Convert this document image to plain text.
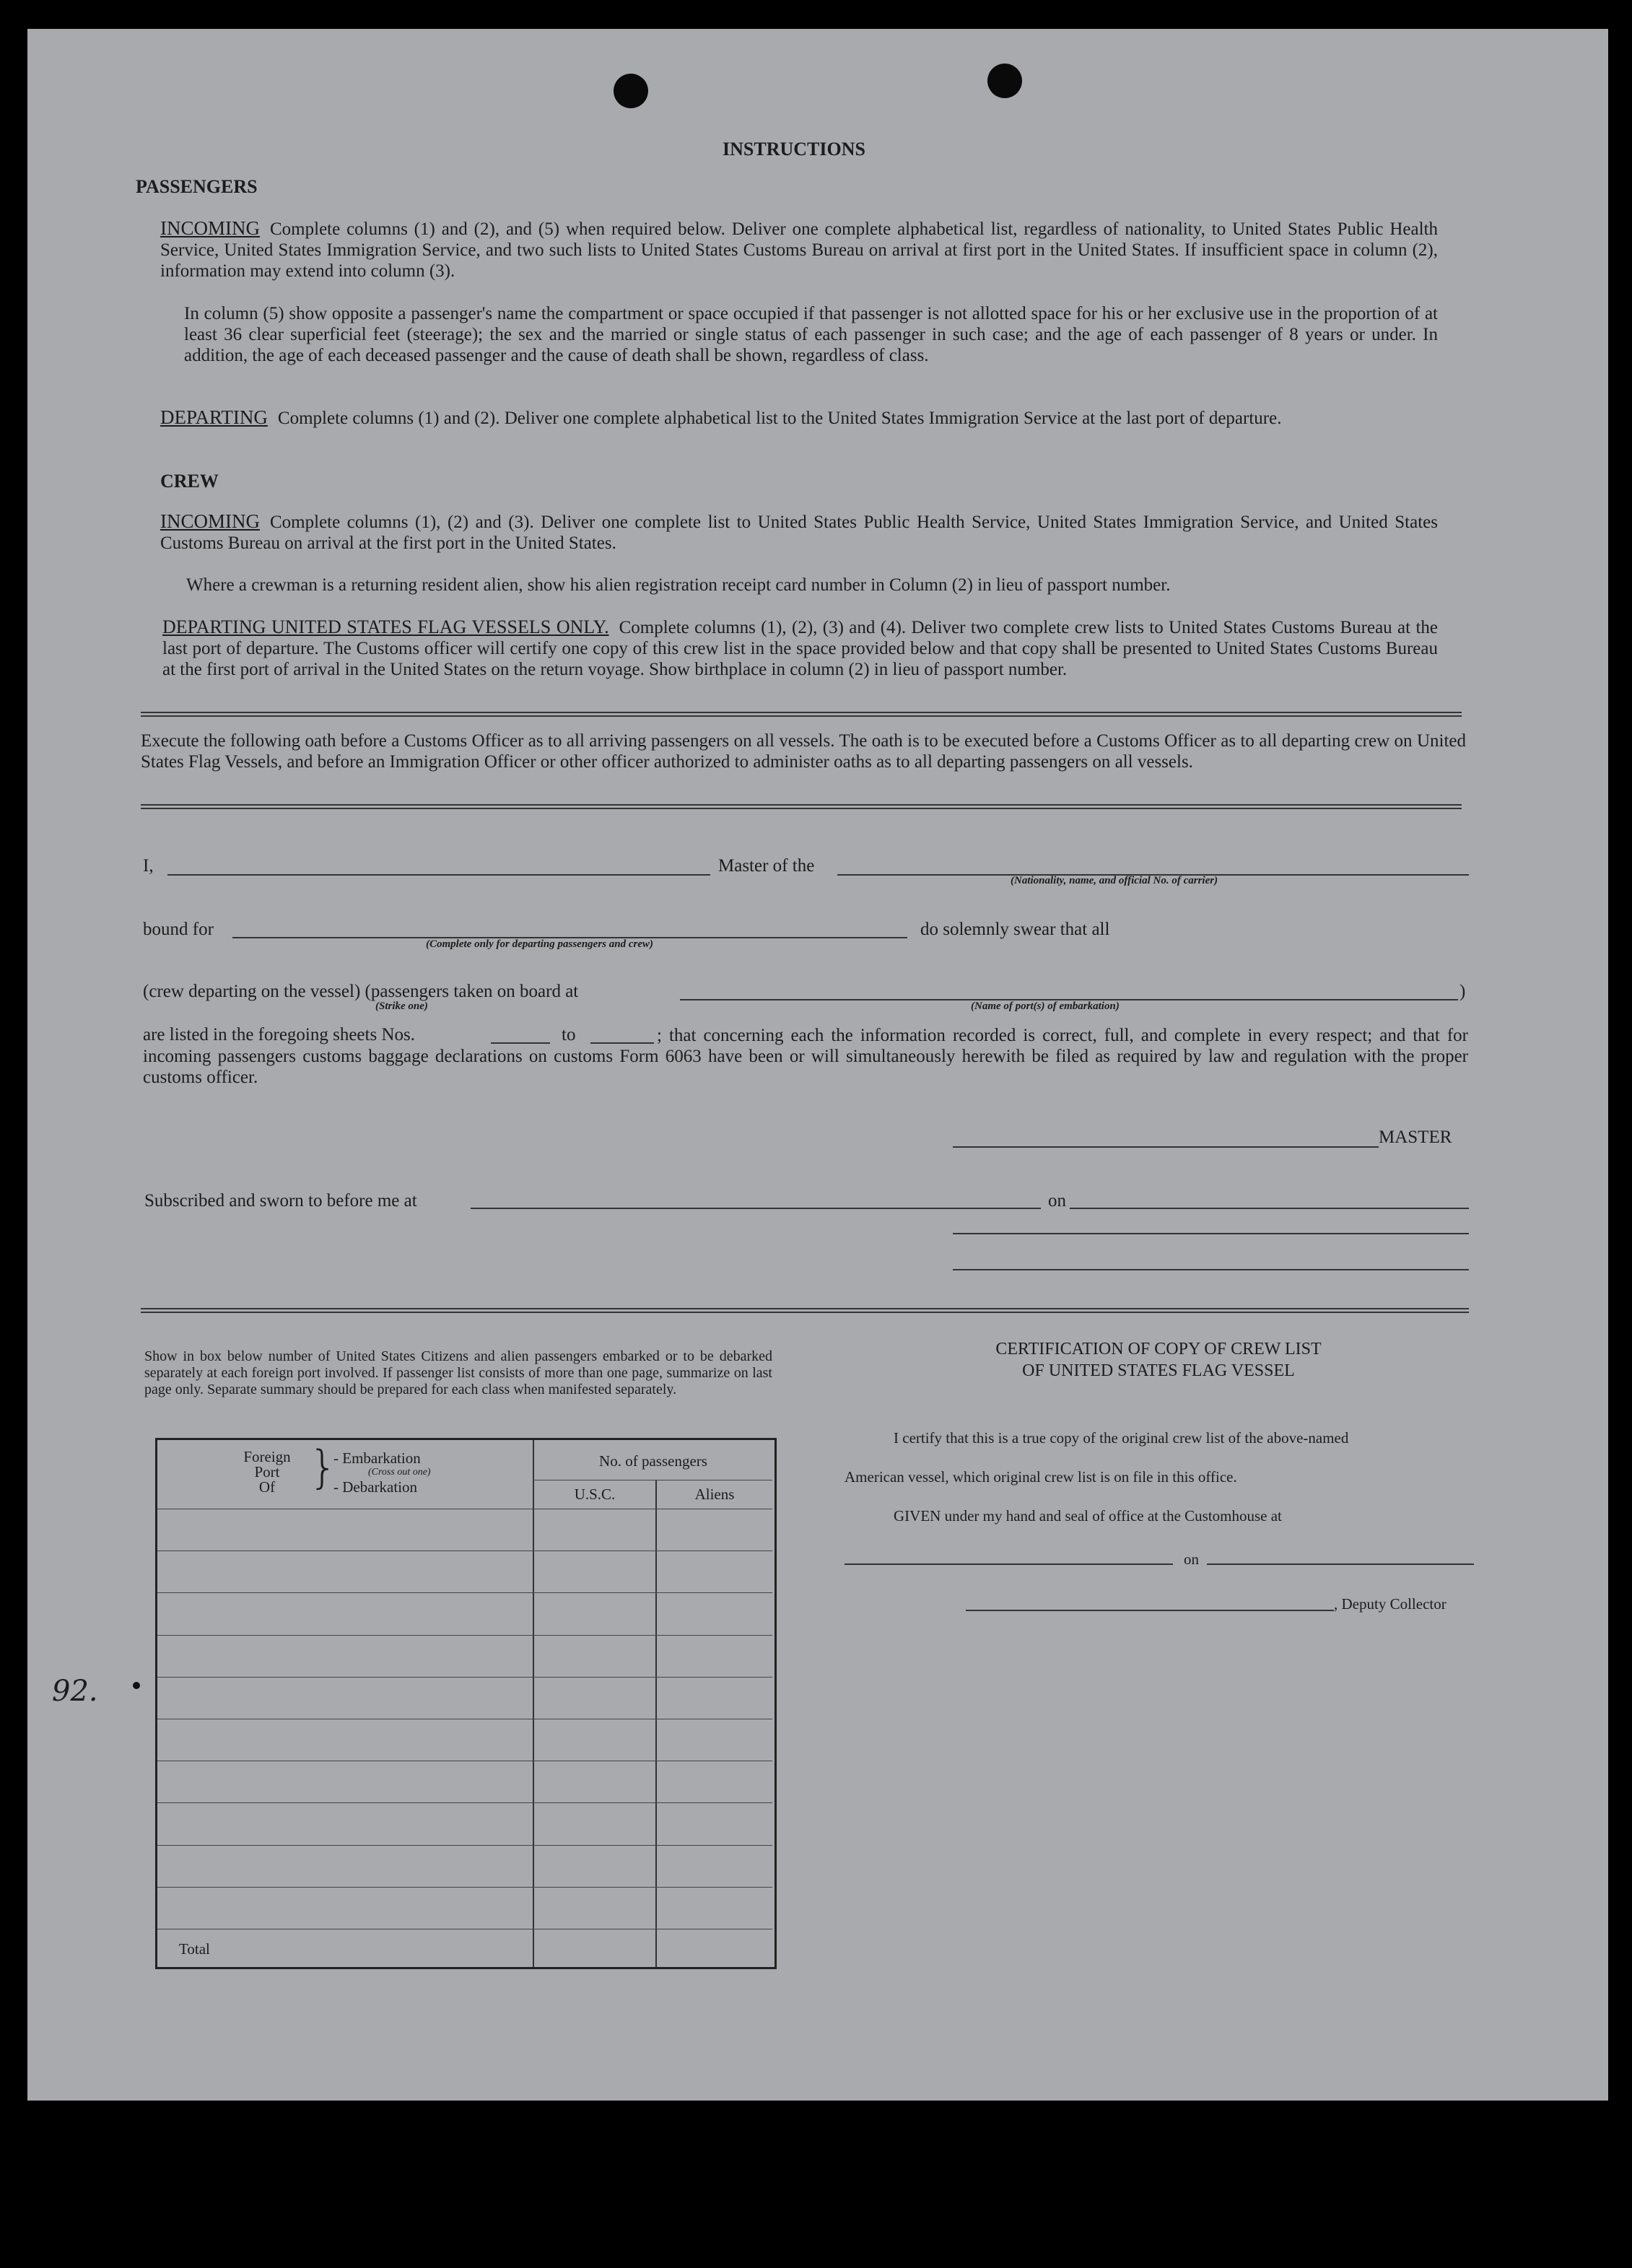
INSTRUCTIONS
PASSENGERS
INCOMING Complete columns (1) and (2), and (5) when required below. Deliver one complete alphabetical list, regardless of nationality, to United States Public Health Service, United States Immigration Service, and two such lists to United States Customs Bureau on arrival at first port in the United States. If insufficient space in column (2), information may extend into column (3).
In column (5) show opposite a passenger's name the compartment or space occupied if that passenger is not allotted space for his or her exclusive use in the proportion of at least 36 clear superficial feet (steerage); the sex and the married or single status of each passenger in such case; and the age of each passenger of 8 years or under. In addition, the age of each deceased passenger and the cause of death shall be shown, regardless of class.
DEPARTING Complete columns (1) and (2). Deliver one complete alphabetical list to the United States Immigration Service at the last port of departure.
CREW
INCOMING Complete columns (1), (2) and (3). Deliver one complete list to United States Public Health Service, United States Immigration Service, and United States Customs Bureau on arrival at the first port in the United States.
Where a crewman is a returning resident alien, show his alien registration receipt card number in Column (2) in lieu of passport number.
DEPARTING UNITED STATES FLAG VESSELS ONLY. Complete columns (1), (2), (3) and (4). Deliver two complete crew lists to United States Customs Bureau at the last port of departure. The Customs officer will certify one copy of this crew list in the space provided below and that copy shall be presented to United States Customs Bureau at the first port of arrival in the United States on the return voyage. Show birthplace in column (2) in lieu of passport number.
Execute the following oath before a Customs Officer as to all arriving passengers on all vessels. The oath is to be executed before a Customs Officer as to all departing crew on United States Flag Vessels, and before an Immigration Officer or other officer authorized to administer oaths as to all departing passengers on all vessels.
I,	Master of the
(Nationality, name, and official No. of carrier)
bound for
(Complete only for departing passengers and crew)
do solemnly swear that all
(crew departing on the vessel) (passengers taken on board at
(Strike one)	(Name of port(s) of embarkation)
)
are listed in the foregoing sheets Nos.	to	; that concerning each the information recorded is correct, full, and complete in every respect; and that for incoming passengers customs baggage declarations on customs Form 6063 have been or will simultaneously herewith be filed as required by law and regulation with the proper customs officer.
MASTER
Subscribed and sworn to before me at	on
Show in box below number of United States Citizens and alien passengers embarked or to be debarked separately at each foreign port involved. If passenger list consists of more than one page, summarize on last page only. Separate summary should be prepared for each class when manifested separately.
Foreign
Port
Of }
- Embarkation
(Cross out one)
- Debarkation
No. of passengers
U.S.C.	Aliens
Total
CERTIFICATION OF COPY OF CREW LIST
OF UNITED STATES FLAG VESSEL
I certify that this is a true copy of the original crew list of the above-named
American vessel, which original crew list is on file in this office.
GIVEN under my hand and seal of office at the Customhouse at
on
, Deputy Collector
92.
